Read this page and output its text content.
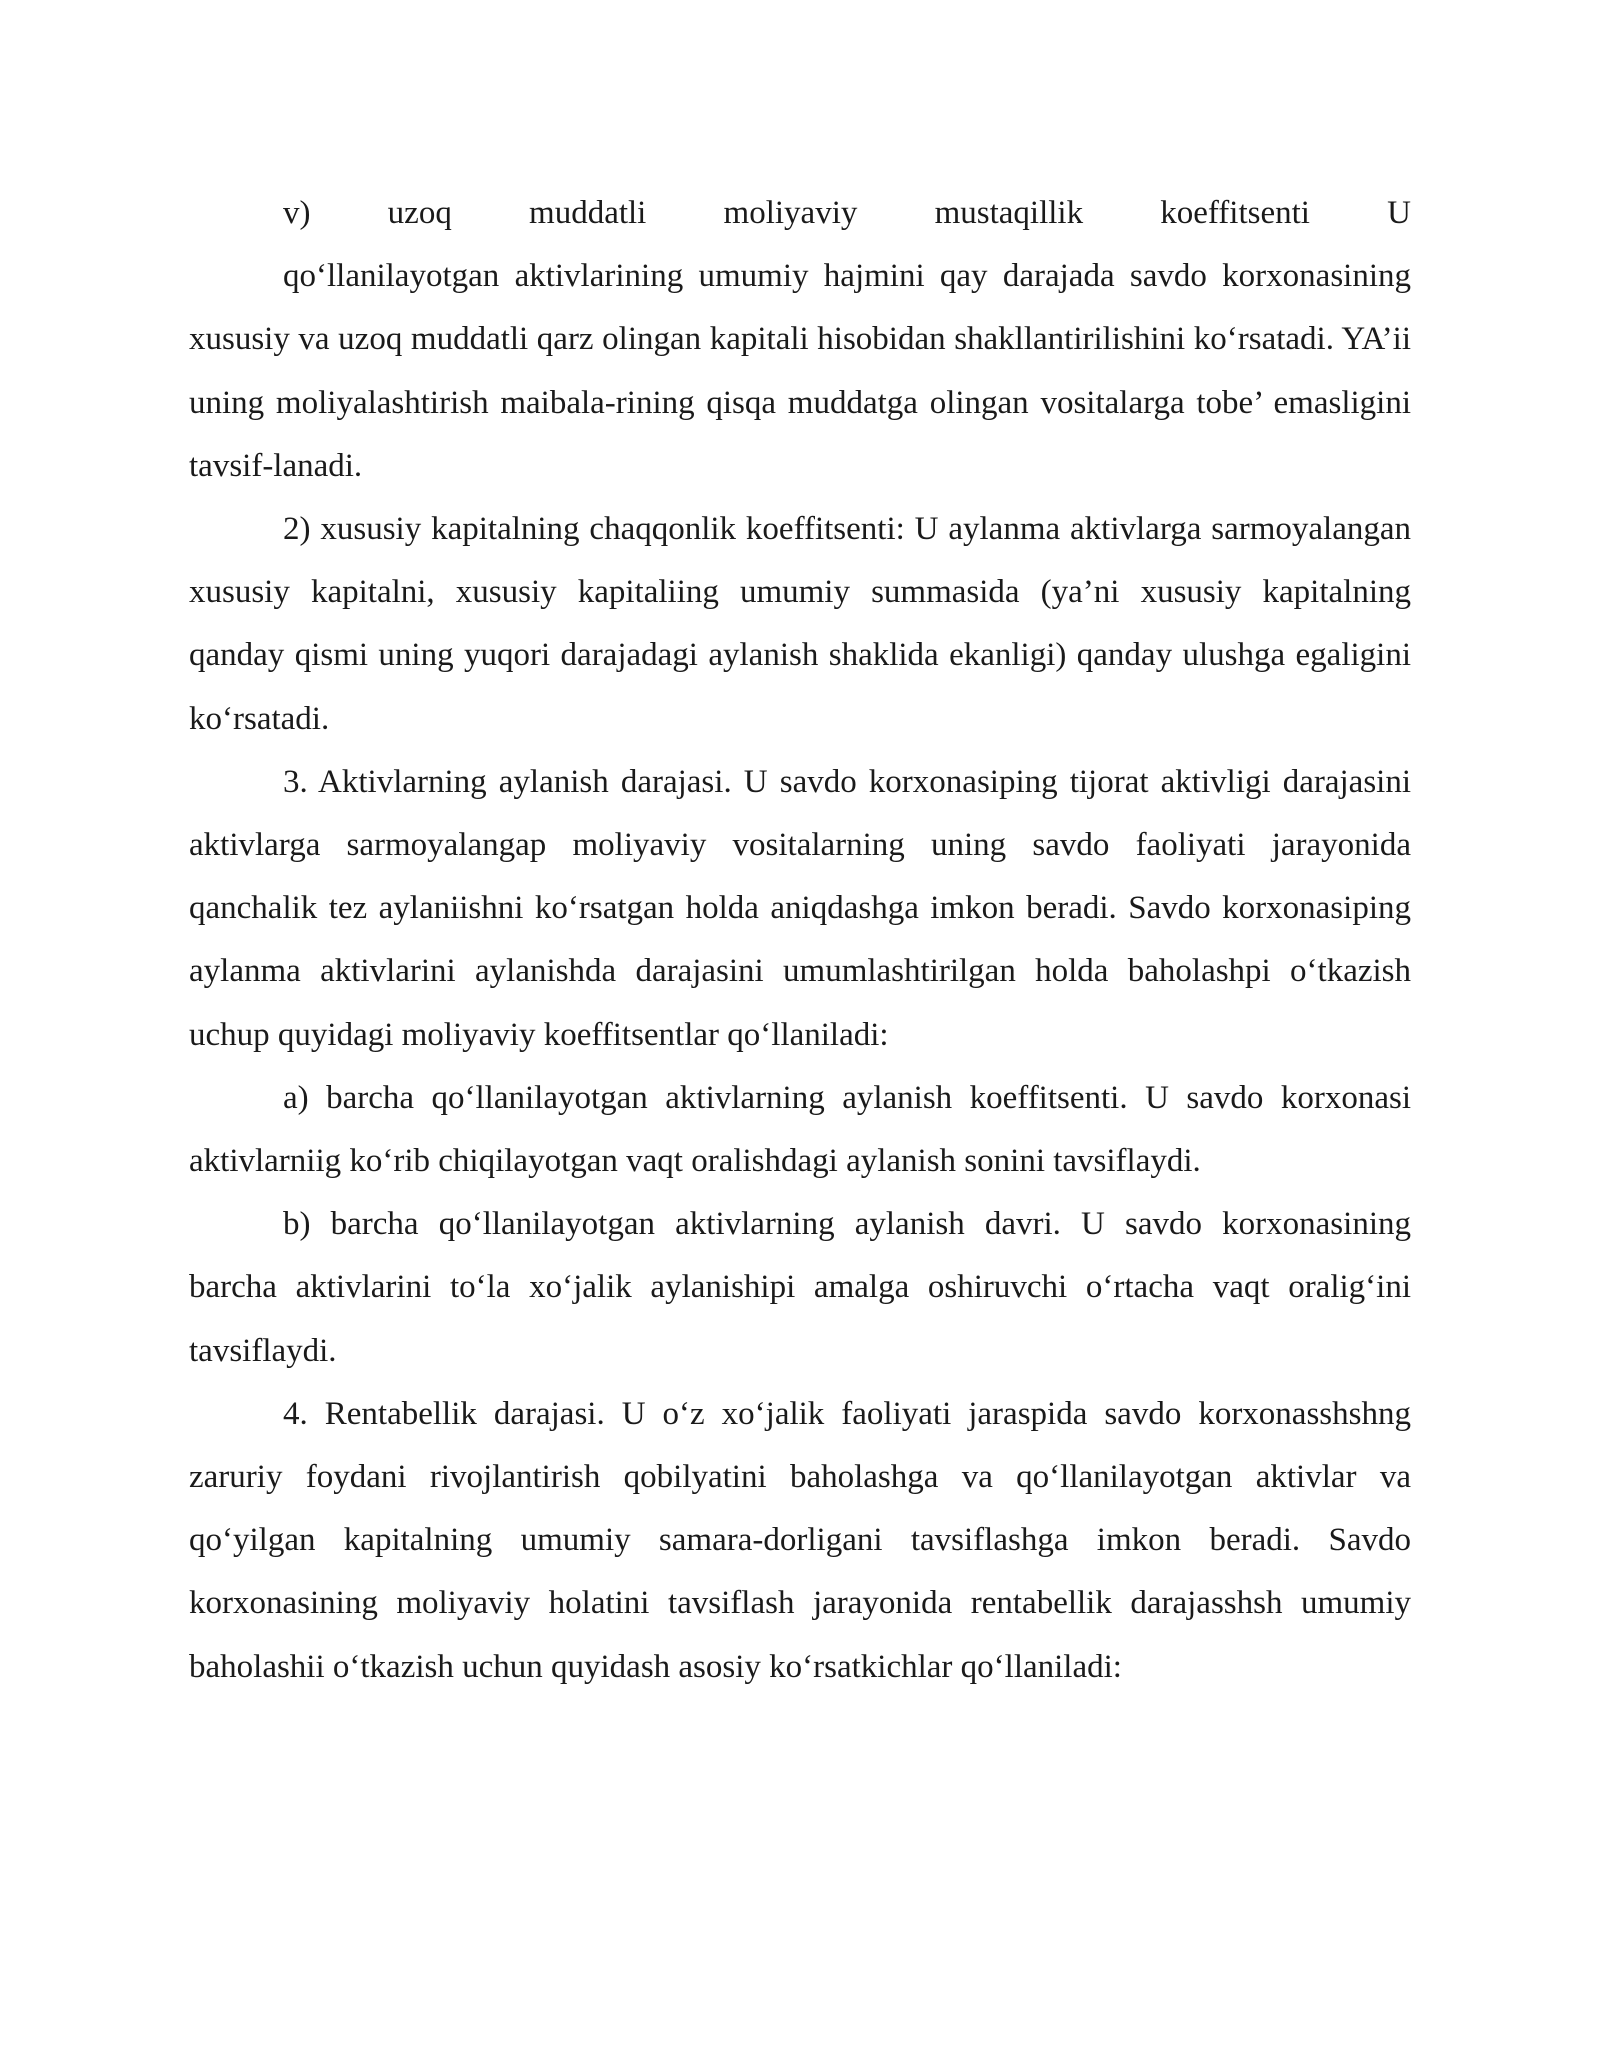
v) uzoq muddatli moliyaviy mustaqillik koeffitsenti U

qo‘llanilayotgan aktivlarining umumiy hajmini qay darajada savdo korxonasining xususiy va uzoq muddatli qarz olingan kapitali hisobidan shakllantirilishini ko‘rsatadi. YA’ii uning moliyalashtirish maibala-rining qisqa muddatga olingan vositalarga tobe’ emasligini tavsif-lanadi.

2) xususiy kapitalning chaqqonlik koeffitsenti: U aylanma aktivlarga sarmoyalangan xususiy kapitalni, xususiy kapitaliing umumiy summasida (ya’ni xususiy kapitalning qanday qismi uning yuqori darajadagi aylanish shaklida ekanligi) qanday ulushga egaligini ko‘rsatadi.

3. Aktivlarning aylanish darajasi. U savdo korxonasiping tijorat aktivligi darajasini aktivlarga sarmoyalangap moliyaviy vositalarning uning savdo faoliyati jarayonida qanchalik tez aylaniishni ko‘rsatgan holda aniqdashga imkon beradi. Savdo korxonasiping aylanma aktivlarini aylanishda darajasini umumlashtirilgan holda baholashpi o‘tkazish uchup quyidagi moliyaviy koeffitsentlar qo‘llaniladi:

a) barcha qo‘llanilayotgan aktivlarning aylanish koeffitsenti. U savdo korxonasi aktivlarniig ko‘rib chiqilayotgan vaqt oralishdagi aylanish sonini tavsiflaydi.

b) barcha qo‘llanilayotgan aktivlarning aylanish davri. U savdo korxonasining barcha aktivlarini to‘la xo‘jalik aylanishipi amalga oshiruvchi o‘rtacha vaqt oralig‘ini tavsiflaydi.

4. Rentabellik darajasi. U o‘z xo‘jalik faoliyati jaraspida savdo korxonasshshng zaruriy foydani rivojlantirish qobilyatini baholashga va qo‘llanilayotgan aktivlar va qo‘yilgan kapitalning umumiy samara-dorligani tavsiflashga imkon beradi. Savdo korxonasining moliyaviy holatini tavsiflash jarayonida rentabellik darajasshsh umumiy baholashii o‘tkazish uchun quyidash asosiy ko‘rsatkichlar qo‘llaniladi:
